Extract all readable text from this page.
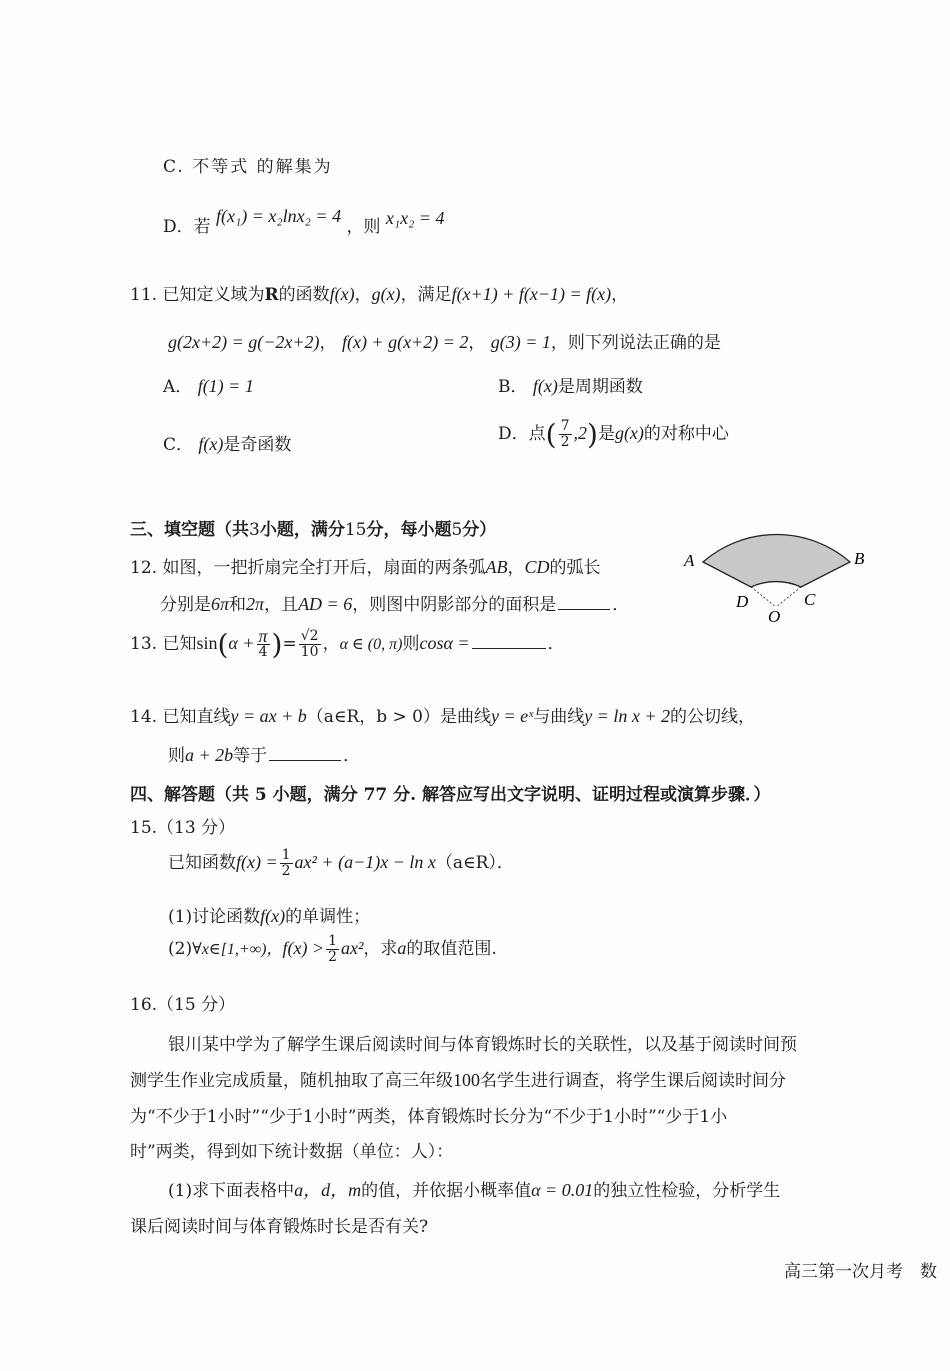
C. 不等式 的解集为
D．若 f(x₁) = x₂lnx₂ = 4 ，则 x₁x₂ = 4
11. 已知定义域为R的函数f(x)，g(x)，满足f(x+1) + f(x−1) = f(x)，
g(2x+2) = g(−2x+2)， f(x) + g(x+2) = 2， g(3) = 1，则下列说法正确的是
A． f(1) = 1	B． f(x)是周期函数
C． f(x)是奇函数
D．点( $\frac{7}{2} ,2$)是g(x)的对称中心
三、填空题（共3小题，满分15分，每小题5分）
12. 如图，一把折扇完全打开后，扇面的两条弧AB，CD的弧长
分别是6π和2π，且AD = 6，则图中阴影部分的面积是	．
A	B
D	C
O
13. 已知$\sin(\alpha + \frac{\pi}{4}$ )= $\frac{√2}{10}$ ，α ∈ (0, π)则cosα =	．
14. 已知直线y = ax + b（a∈R，b > 0）是曲线y = eˣ与曲线y = ln x + 2的公切线，
则a + 2b等于	．
四、解答题（共 5 小题，满分 77 分. 解答应写出文字说明、证明过程或演算步骤．）
15.（13 分）
已知函数$f(x) = \frac{1}{2} ax^2 + (a-1)x - \ln$ x（a∈R）．
(1)讨论函数f(x)的单调性；
(2)∀x∈[1,+∞)，$f(x) > \frac{1}{2} ax^2$，求a的取值范围.
16.（15 分）
银川某中学为了解学生课后阅读时间与体育锻炼时长的关联性，以及基于阅读时间预
测学生作业完成质量，随机抽取了高三年级100名学生进行调查，将学生课后阅读时间分
为“不少于1小时”“少于1小时”两类，体育锻炼时长分为“不少于1小时”“少于1小
时”两类，得到如下统计数据（单位：人）：
(1)求下面表格中a，d，m的值，并依据小概率值α = 0.01的独立性检验，分析学生
课后阅读时间与体育锻炼时长是否有关?
高三第一次月考　数
